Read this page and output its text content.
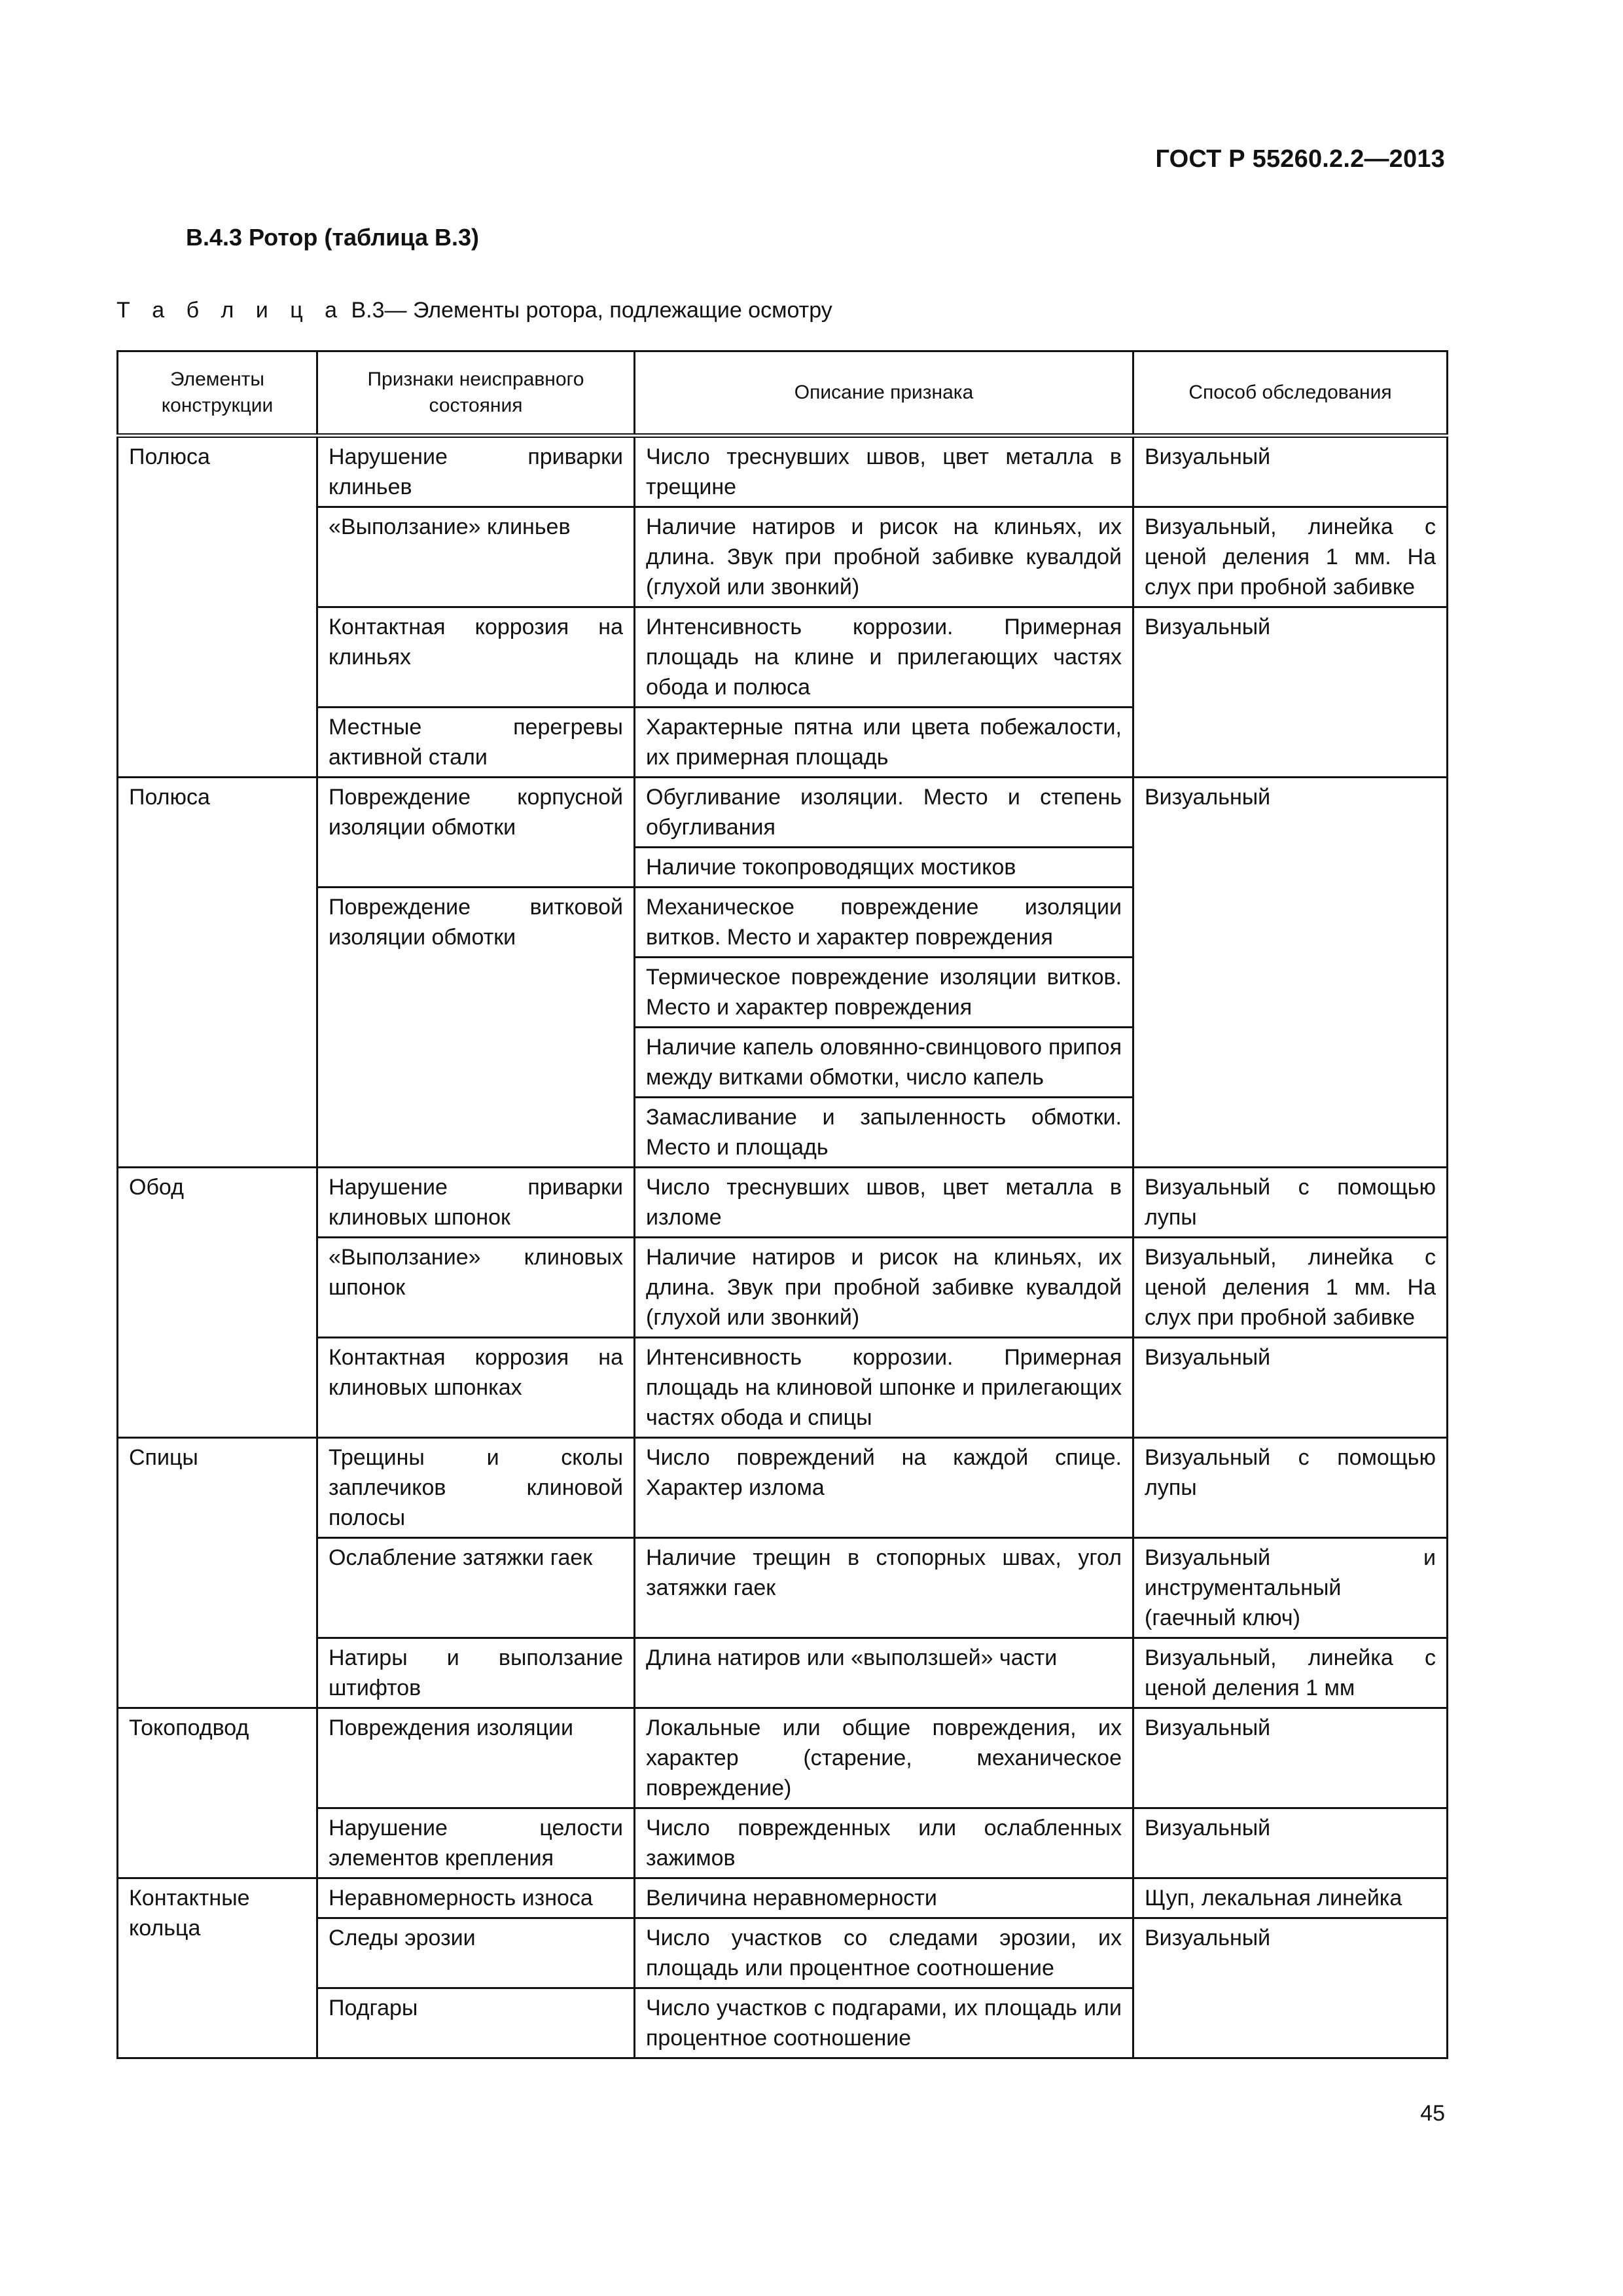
ГОСТ Р 55260.2.2—2013
В.4.3 Ротор (таблица В.3)
Т а б л и ц а В.3— Элементы ротора, подлежащие осмотру
Элементы конструкции	Признаки неисправного состояния	Описание признака	Способ обследования
Полюса	Нарушение приварки клиньев	Число треснувших швов, цвет металла в трещине	Визуальный
	«Выползание» клиньев	Наличие натиров и рисок на клиньях, их длина. Звук при пробной забивке кувалдой (глухой или звонкий)	Визуальный, линейка с ценой деления 1 мм. На слух при пробной забивке
	Контактная коррозия на клиньях	Интенсивность коррозии. Примерная площадь на клине и прилегающих частях обода и полюса	Визуальный
	Местные перегревы активной стали	Характерные пятна или цвета побежалости, их примерная площадь	
Полюса	Повреждение корпусной изоляции обмотки	Обугливание изоляции. Место и степень обугливания	Визуальный
		Наличие токопроводящих мостиков	
	Повреждение витковой изоляции обмотки	Механическое повреждение изоляции витков. Место и характер повреждения	
		Термическое повреждение изоляции витков. Место и характер повреждения	
		Наличие капель оловянно-свинцового припоя между витками обмотки, число капель	
		Замасливание и запыленность обмотки. Место и площадь	
Обод	Нарушение приварки клиновых шпонок	Число треснувших швов, цвет металла в изломе	Визуальный с помощью лупы
	«Выползание» клиновых шпонок	Наличие натиров и рисок на клиньях, их длина. Звук при пробной забивке кувалдой (глухой или звонкий)	Визуальный, линейка с ценой деления 1 мм. На слух при пробной забивке
	Контактная коррозия на клиновых шпонках	Интенсивность коррозии. Примерная площадь на клиновой шпонке и прилегающих частях обода и спицы	Визуальный
Спицы	Трещины и сколы заплечиков клиновой полосы	Число повреждений на каждой спице. Характер излома	Визуальный с помощью лупы
	Ослабление затяжки гаек	Наличие трещин в стопорных швах, угол затяжки гаек	Визуальный и инструментальный (гаечный ключ)
	Натиры и выползание штифтов	Длина натиров или «выползшей» части	Визуальный, линейка с ценой деления 1 мм
Токоподвод	Повреждения изоляции	Локальные или общие повреждения, их характер (старение, механическое повреждение)	Визуальный
	Нарушение целости элементов крепления	Число поврежденных или ослабленных зажимов	Визуальный
Контактные кольца	Неравномерность износа	Величина неравномерности	Щуп, лекальная линейка
	Следы эрозии	Число участков со следами эрозии, их площадь или процентное соотношение	Визуальный
	Подгары	Число участков с подгарами, их площадь или процентное соотношение	
45
